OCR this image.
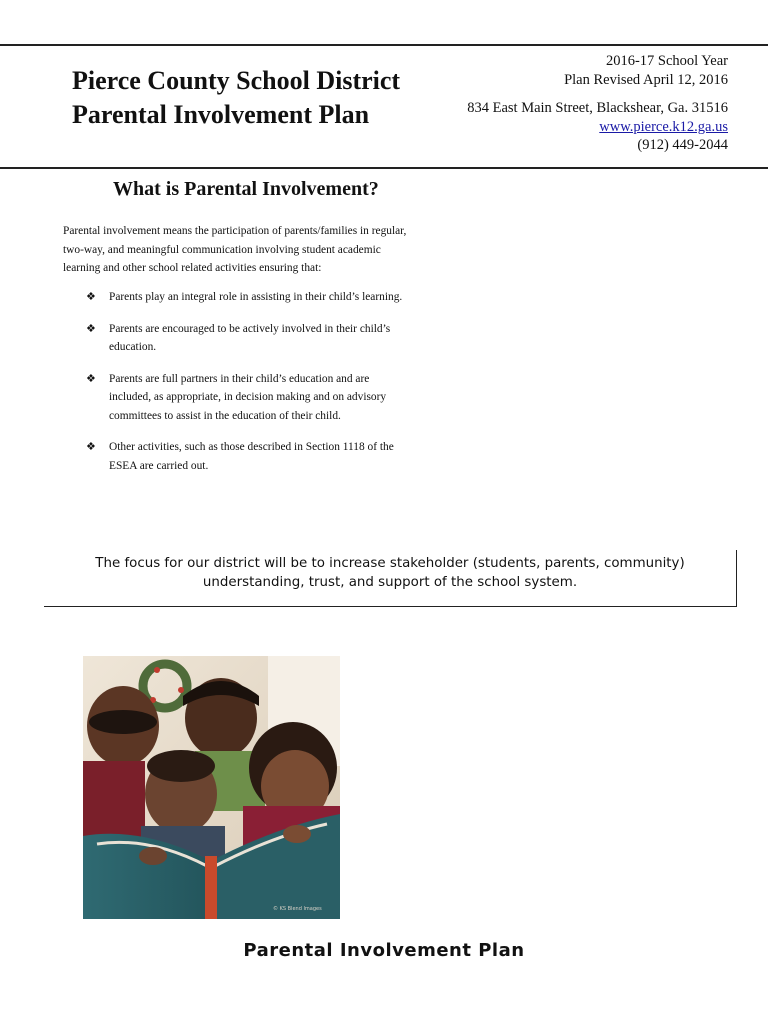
Pierce County School District
Parental Involvement Plan
2016-17 School Year
Plan Revised April 12, 2016
834 East Main Street, Blackshear, Ga. 31516
www.pierce.k12.ga.us
(912) 449-2044
What is Parental Involvement?
Parental involvement means the participation of parents/families in regular,
two-way, and meaningful communication involving student academic
learning and other school related activities ensuring that:
❖ Parents play an integral role in assisting in their child’s learning.
❖ Parents are encouraged to be actively involved in their child’s
education.
❖ Parents are full partners in their child’s education and are
included, as appropriate, in decision making and on advisory
committees to assist in the education of their child.
❖ Other activities, such as those described in Section 1118 of the
ESEA are carried out.
The focus for our district will be to increase stakeholder (students, parents, community)
understanding, trust, and support of the school system.
© KS Blend Images
Parental Involvement Plan
